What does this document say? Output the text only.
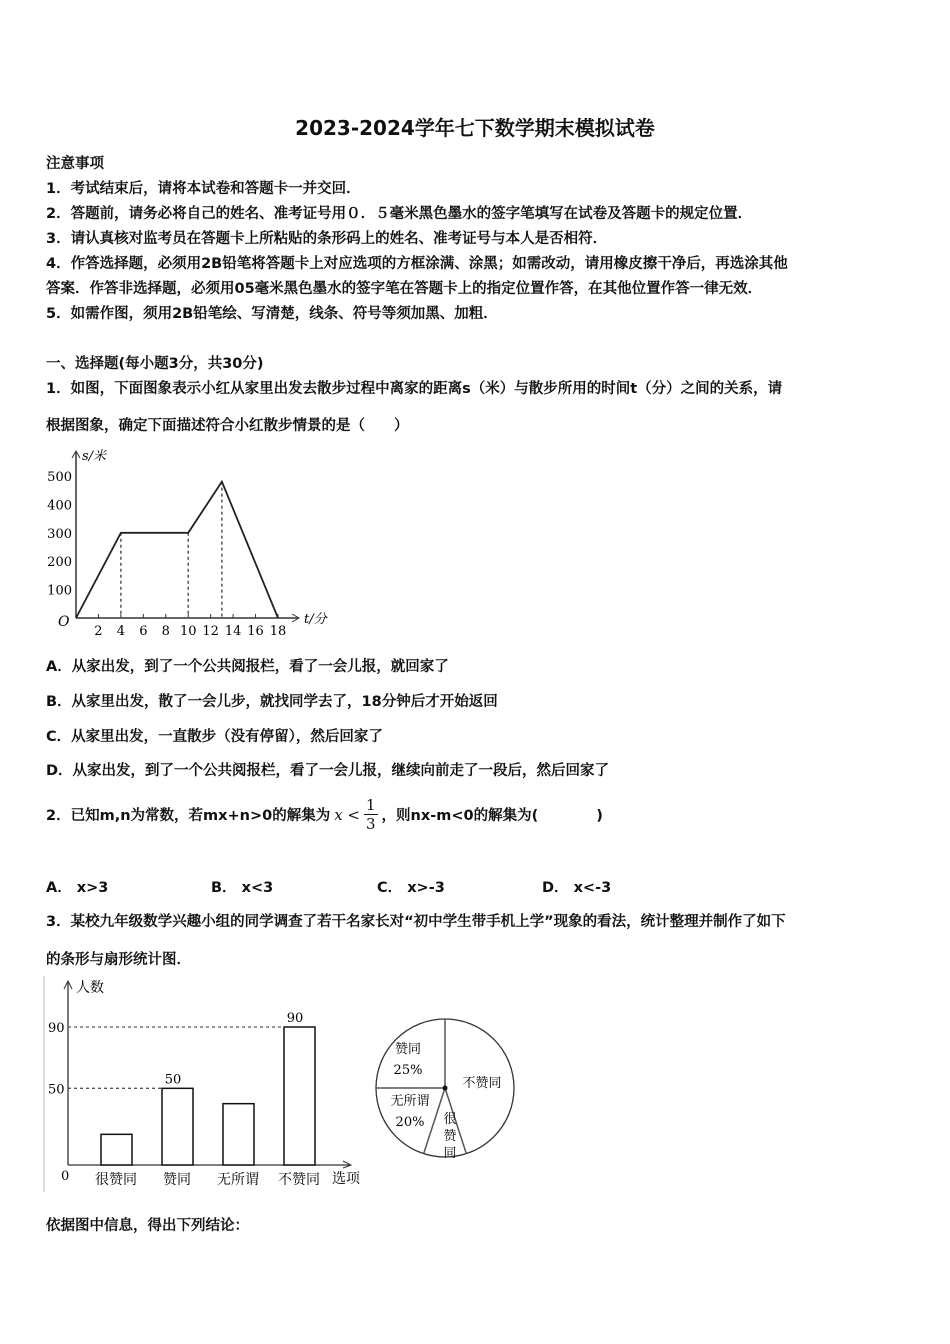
2023-2024学年七下数学期末模拟试卷
注意事项
1．考试结束后，请将本试卷和答题卡一并交回．
2．答题前，请务必将自己的姓名、准考证号用０．５毫米黑色墨水的签字笔填写在试卷及答题卡的规定位置．
3．请认真核对监考员在答题卡上所粘贴的条形码上的姓名、准考证号与本人是否相符．
4．作答选择题，必须用2B铅笔将答题卡上对应选项的方框涂满、涂黑；如需改动，请用橡皮擦干净后，再选涂其他
答案．作答非选择题，必须用05毫米黑色墨水的签字笔在答题卡上的指定位置作答，在其他位置作答一律无效．
5．如需作图，须用2B铅笔绘、写清楚，线条、符号等须加黑、加粗．
一、选择题(每小题3分，共30分)
1．如图，下面图象表示小红从家里出发去散步过程中离家的距离s（米）与散步所用的时间t（分）之间的关系，请
根据图象，确定下面描述符合小红散步情景的是（　　）
s/米
t/分
O
2 4 6 8 10 12 14 16 18
100
200
300
400
500
A．从家出发，到了一个公共阅报栏，看了一会儿报，就回家了
B．从家里出发，散了一会儿步，就找同学去了，18分钟后才开始返回
C．从家里出发，一直散步（没有停留），然后回家了
D．从家出发，到了一个公共阅报栏，看了一会儿报，继续向前走了一段后，然后回家了
2．已知m,n为常数，若mx+n>0的解集为 $x < \frac{1}{3}$ ，则nx-m<0的解集为(　　　　)
A． x>3	B． x<3	C． x>-3	D． x<-3
3．某校九年级数学兴趣小组的同学调查了若干名家长对“初中学生带手机上学”现象的看法，统计整理并制作了如下
的条形与扇形统计图．
人数
选项
0
50
90
很赞同 赞同
50
无所谓 不赞同
90
赞同
25%
不赞同
无所谓
20% 很
赞
同
依据图中信息，得出下列结论：
